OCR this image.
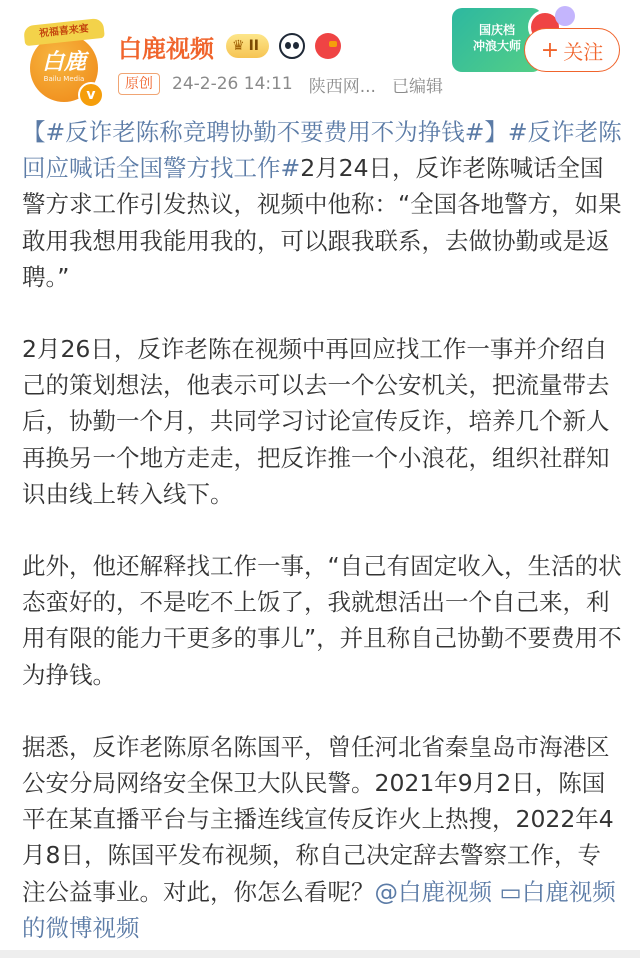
白鹿
Bailu Media
祝福喜来宴
v
白鹿视频 ♛ II
原创	24-2-26 14:11 陕西网... 已编辑
国庆档
冲浪大师 + 关注

【#反诈老陈称竞聘协勤不要费用不为挣钱#】#反诈老陈回应喊话全国警方找工作#2月24日，反诈老陈喊话全国警方求工作引发热议，视频中他称：“全国各地警方，如果敢用我想用我能用我的，可以跟我联系，去做协勤或是返聘。”

2月26日，反诈老陈在视频中再回应找工作一事并介绍自己的策划想法，他表示可以去一个公安机关，把流量带去后，协勤一个月，共同学习讨论宣传反诈，培养几个新人再换另一个地方走走，把反诈推一个小浪花，组织社群知识由线上转入线下。

此外，他还解释找工作一事，“自己有固定收入，生活的状态蛮好的，不是吃不上饭了，我就想活出一个自己来，利用有限的能力干更多的事儿”，并且称自己协勤不要费用不为挣钱。

据悉，反诈老陈原名陈国平，曾任河北省秦皇岛市海港区公安分局网络安全保卫大队民警。2021年9月2日，陈国平在某直播平台与主播连线宣传反诈火上热搜，2022年4月8日，陈国平发布视频，称自己决定辞去警察工作，专注公益事业。对此，你怎么看呢？@白鹿视频 ▭白鹿视频的微博视频
